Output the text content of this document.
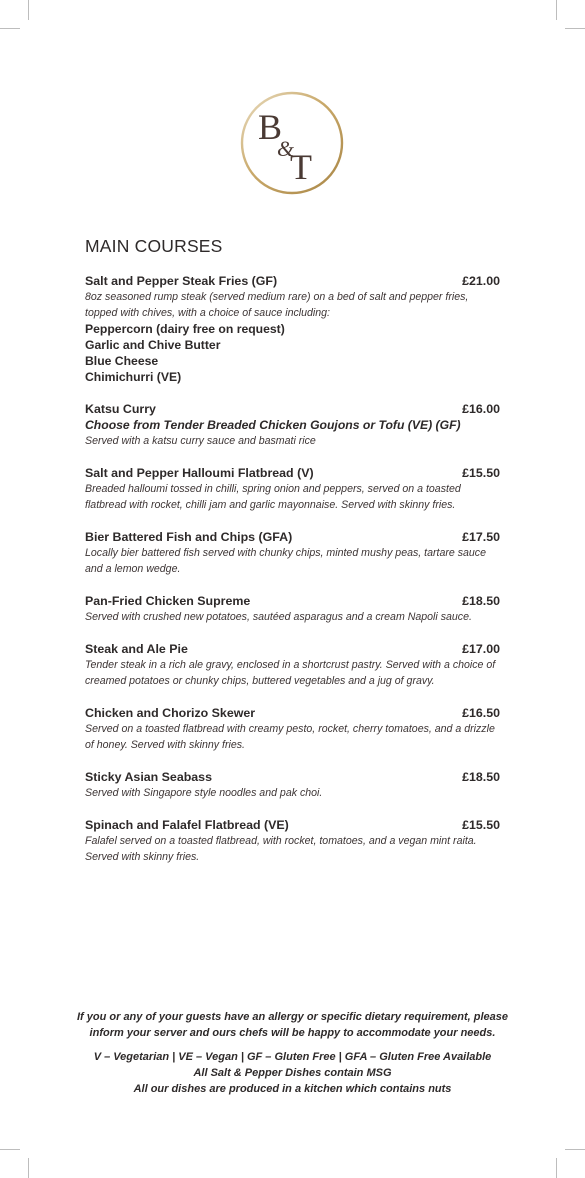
B
&
T
MAIN COURSES
Salt and Pepper Steak Fries (GF)	£21.00

8oz seasoned rump steak (served medium rare) on a bed of salt and pepper fries,

topped with chives, with a choice of sauce including:

Peppercorn (dairy free on request)
Garlic and Chive Butter
Blue Cheese
Chimichurri (VE)
Katsu Curry	£16.00
Choose from Tender Breaded Chicken Goujons or Tofu (VE) (GF)

Served with a katsu curry sauce and basmati rice

Salt and Pepper Halloumi Flatbread (V)	£15.50

Breaded halloumi tossed in chilli, spring onion and peppers, served on a toasted

flatbread with rocket, chilli jam and garlic mayonnaise. Served with skinny fries.

Bier Battered Fish and Chips (GFA)	£17.50

Locally bier battered fish served with chunky chips, minted mushy peas, tartare sauce

and a lemon wedge.

Pan-Fried Chicken Supreme	£18.50

Served with crushed new potatoes, sautéed asparagus and a cream Napoli sauce.

Steak and Ale Pie	£17.00

Tender steak in a rich ale gravy, enclosed in a shortcrust pastry. Served with a choice of

creamed potatoes or chunky chips, buttered vegetables and a jug of gravy.

Chicken and Chorizo Skewer	£16.50

Served on a toasted flatbread with creamy pesto, rocket, cherry tomatoes, and a drizzle

of honey. Served with skinny fries.

Sticky Asian Seabass	£18.50

Served with Singapore style noodles and pak choi.

Spinach and Falafel Flatbread (VE)	£15.50

Falafel served on a toasted flatbread, with rocket, tomatoes, and a vegan mint raita.

Served with skinny fries.

If you or any of your guests have an allergy or specific dietary requirement, please

inform your server and ours chefs will be happy to accommodate your needs.

V – Vegetarian | VE – Vegan | GF – Gluten Free | GFA – Gluten Free Available

All Salt & Pepper Dishes contain MSG

All our dishes are produced in a kitchen which contains nuts
